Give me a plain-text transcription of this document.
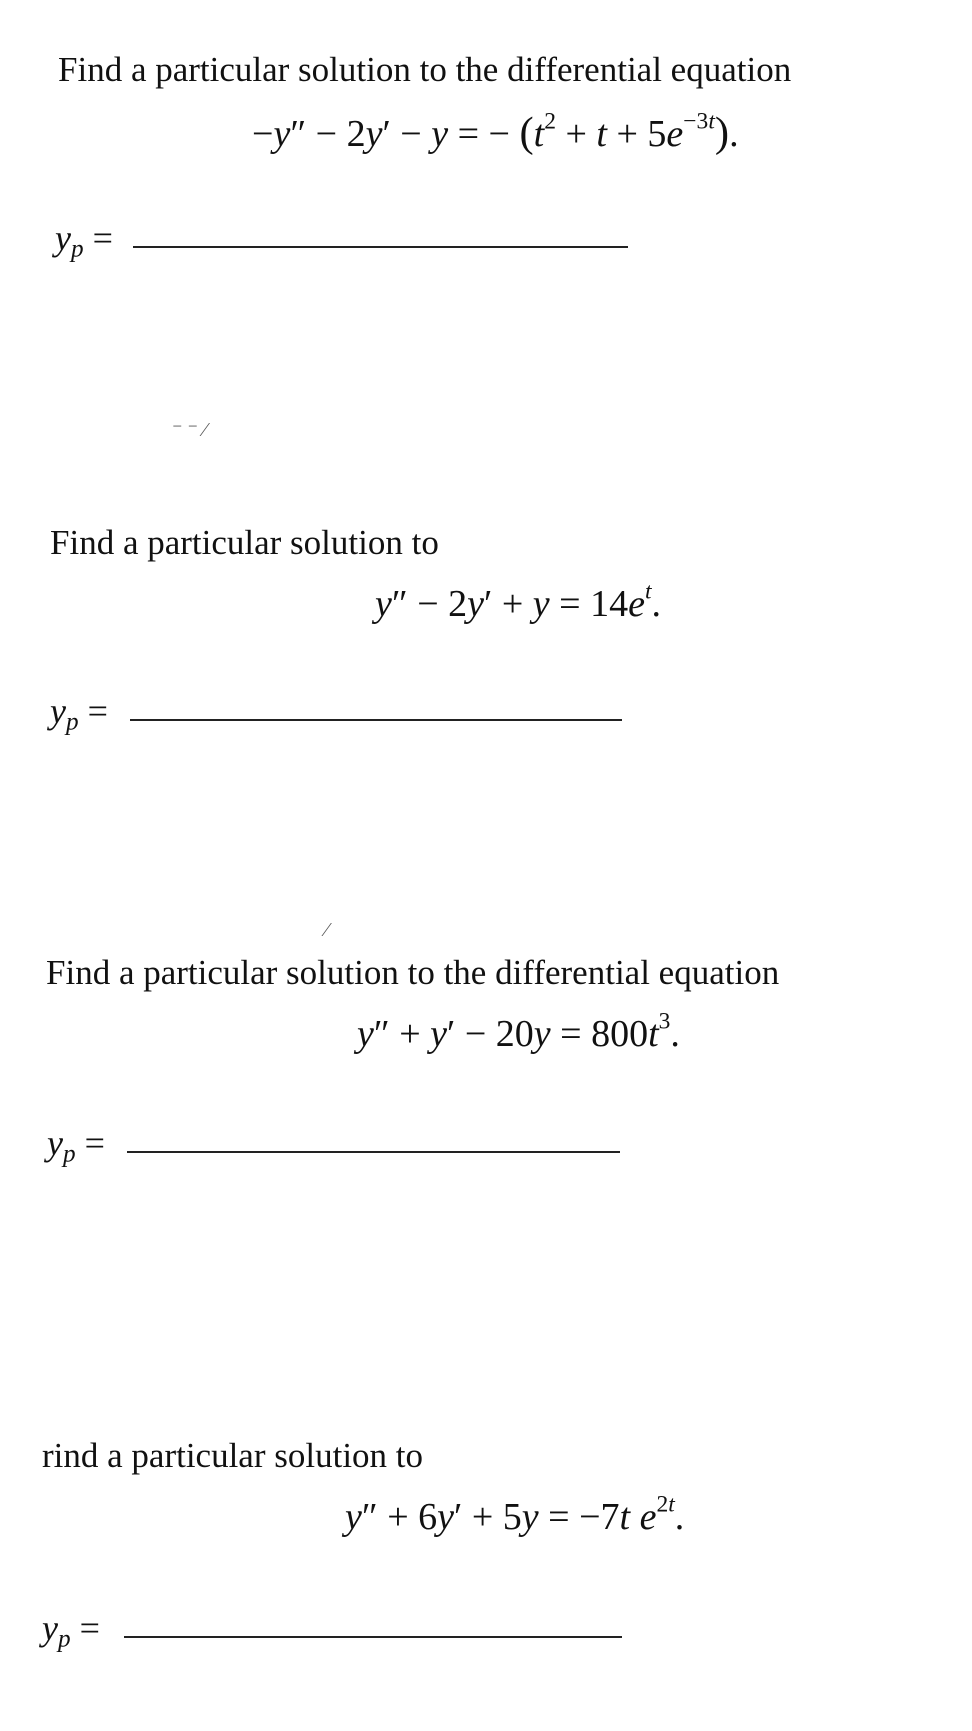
Find a particular solution to the differential equation
−y″ − 2y′ − y = − $(t^2 + t + 5e^{-3t})$.
$y_p$ =
⁻ ⁻ ⁄
Find a particular solution to
$y'' - 2y' + y = 14e^t$.
$y_p$ =
⁄
Find a particular solution to the differential equation
$y'' + y' - 20y = 800t^3$.
$y_p$ =
rind a particular solution to
y″ + 6y′ + 5y = −7t $e^{2t}$.
$y_p$ =
